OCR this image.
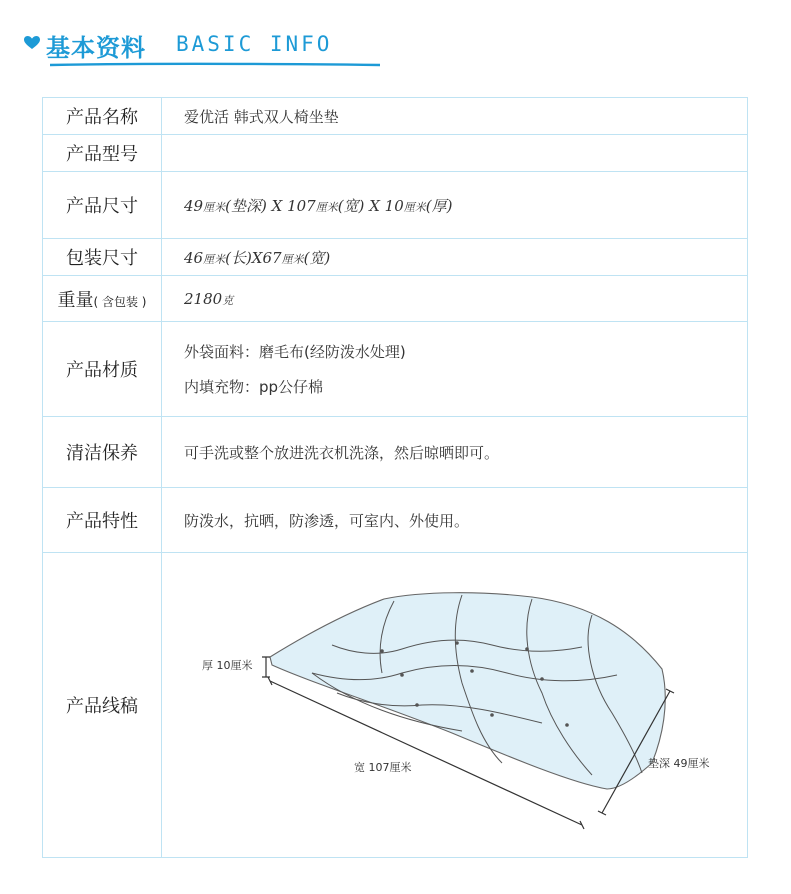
基本资料 BASIC INFO
产品名称	爱优活 韩式双人椅坐垫
产品型号	
产品尺寸	49厘米(垫深) X 107厘米(宽) X 10厘米(厚)
包装尺寸	46厘米(长)X67厘米(宽)
重量( 含包装 )	2180克
产品材质	外袋面料：磨毛布(经防泼水处理)
内填充物：pp公仔棉

清洁保养	可手洗或整个放进洗衣机洗涤，然后晾晒即可。
产品特性	防泼水，抗晒，防渗透，可室内、外使用。
产品线稿	厚 10厘米
宽 107厘米 垫深 49厘米
